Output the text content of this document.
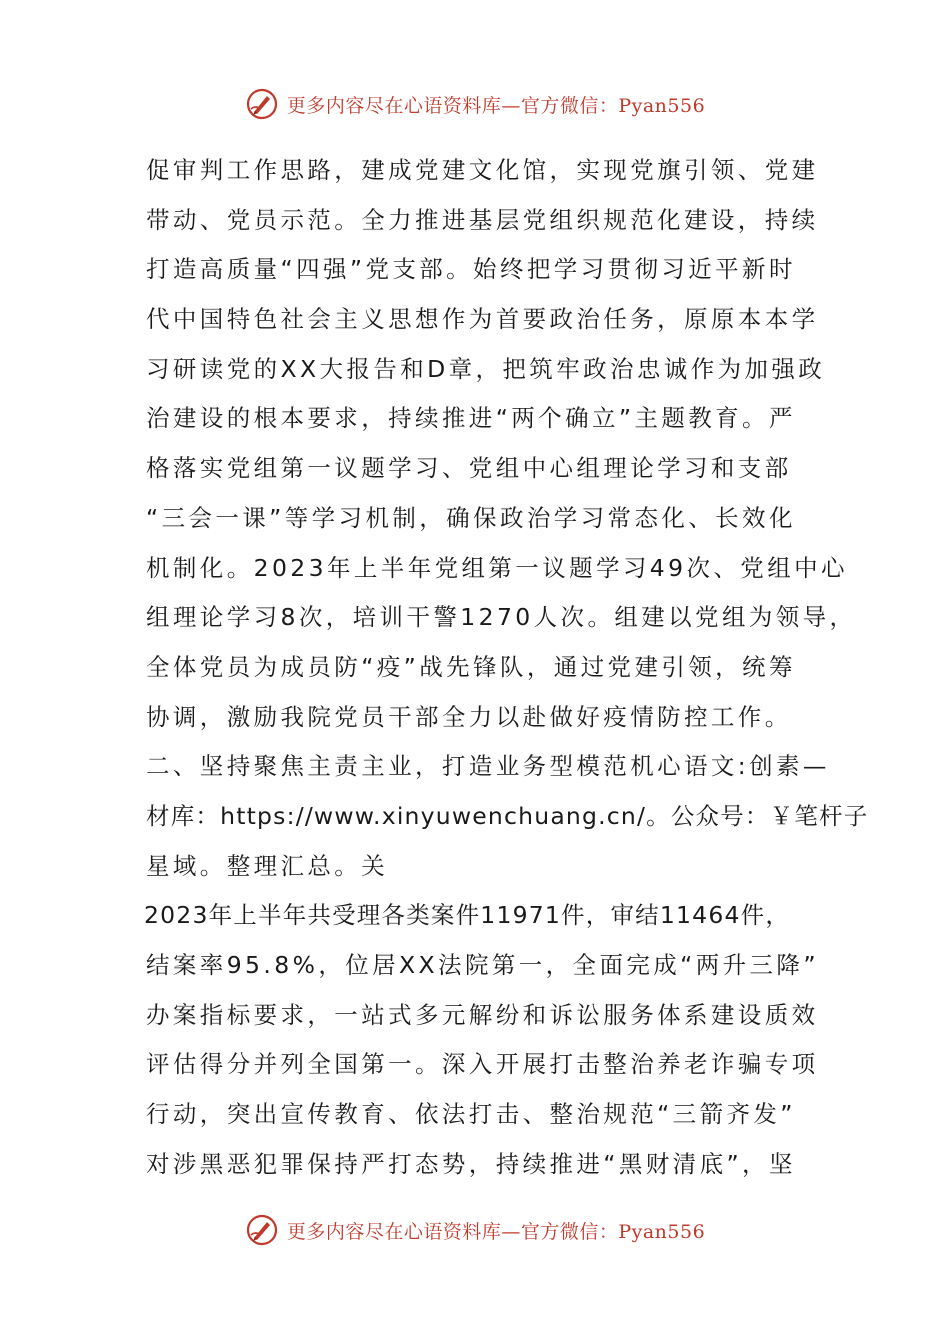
更多内容尽在心语资料库—官方微信：Pyan556
促审判工作思路，建成党建文化馆，实现党旗引领、党建
带动、党员示范。全力推进基层党组织规范化建设，持续
打造高质量“四强”党支部。始终把学习贯彻习近平新时
代中国特色社会主义思想作为首要政治任务，原原本本学
习研读党的XX大报告和D章，把筑牢政治忠诚作为加强政
治建设的根本要求，持续推进“两个确立”主题教育。严
格落实党组第一议题学习、党组中心组理论学习和支部
“三会一课”等学习机制，确保政治学习常态化、长效化
机制化。2023年上半年党组第一议题学习49次、党组中心
组理论学习8次，培训干警1270人次。组建以党组为领导，
全体党员为成员防“疫”战先锋队，通过党建引领，统筹
协调，激励我院党员干部全力以赴做好疫情防控工作。
二、坚持聚焦主责主业，打造业务型模范机心语文:创素—
材库：https://www.xinyuwenchuang.cn/。公众号：￥笔杆子
星域。整理汇总。关
2023年上半年共受理各类案件11971件，审结11464件，
结案率95.8%，位居XX法院第一，全面完成“两升三降”
办案指标要求，一站式多元解纷和诉讼服务体系建设质效
评估得分并列全国第一。深入开展打击整治养老诈骗专项
行动，突出宣传教育、依法打击、整治规范“三箭齐发”
对涉黑恶犯罪保持严打态势，持续推进“黑财清底”，坚
更多内容尽在心语资料库—官方微信：Pyan556
